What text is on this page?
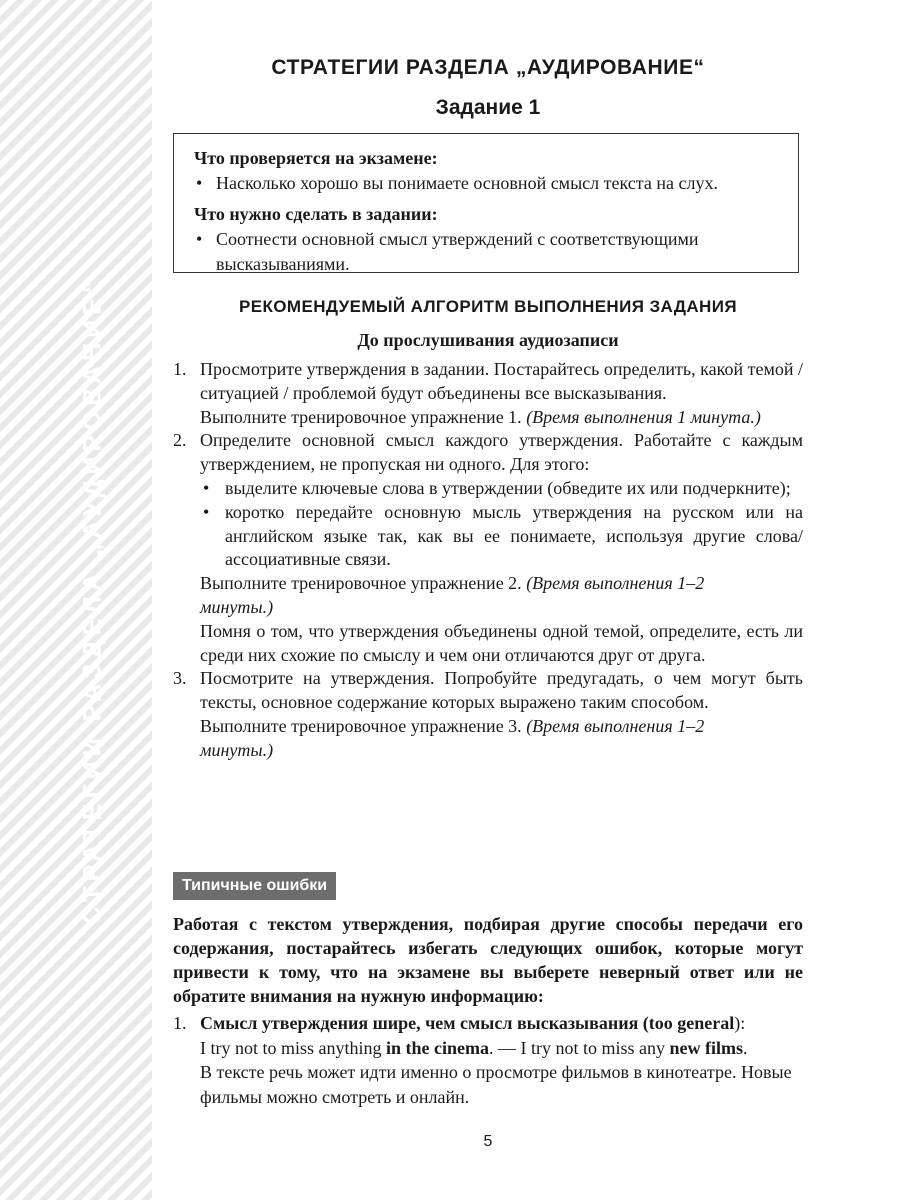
СТРАТЕГИИ РАЗДЕЛА „АУДИРОВАНИЕ“
СТРАТЕГИИ РАЗДЕЛА „АУДИРОВАНИЕ“
Задание 1
Что проверяется на экзамене:
• Насколько хорошо вы понимаете основной смысл текста на слух.
Что нужно сделать в задании:
• Соотнести основной смысл утверждений с соответствующими высказываниями.
РЕКОМЕНДУЕМЫЙ АЛГОРИТМ ВЫПОЛНЕНИЯ ЗАДАНИЯ
До прослушивания аудиозаписи
1. Просмотрите утверждения в задании. Постарайтесь определить, какой темой / ситуацией / проблемой будут объединены все высказывания.
Выполните тренировочное упражнение 1. (Время выполнения 1 минута.)
2. Определите основной смысл каждого утверждения. Работайте с каждым утверждением, не пропуская ни одного. Для этого:
• выделите ключевые слова в утверждении (обведите их или подчеркните);
• коротко передайте основную мысль утверждения на русском или на английском языке так, как вы ее понимаете, используя другие слова/ассоциативные связи.
Выполните тренировочное упражнение 2. (Время выполнения 1–2 минуты.)
Помня о том, что утверждения объединены одной темой, определите, есть ли среди них схожие по смыслу и чем они отличаются друг от друга.
3. Посмотрите на утверждения. Попробуйте предугадать, о чем могут быть тексты, основное содержание которых выражено таким способом.
Выполните тренировочное упражнение 3. (Время выполнения 1–2 минуты.)
Типичные ошибки
Работая с текстом утверждения, подбирая другие способы передачи его содержания, постарайтесь избегать следующих ошибок, которые могут привести к тому, что на экзамене вы выберете неверный ответ или не обратите внимания на нужную информацию:
1. Смысл утверждения шире, чем смысл высказывания (too general):
I try not to miss anything in the cinema. — I try not to miss any new films.
В тексте речь может идти именно о просмотре фильмов в кинотеатре. Новые фильмы можно смотреть и онлайн.
5
